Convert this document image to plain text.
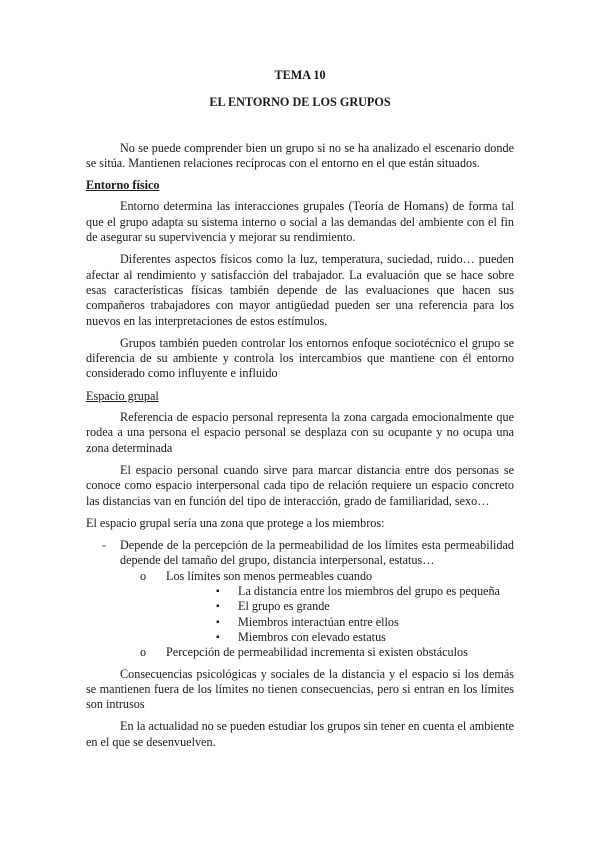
TEMA 10

EL ENTORNO DE LOS GRUPOS

No se puede comprender bien un grupo si no se ha analizado el escenario donde se sitúa. Mantienen relaciones recíprocas con el entorno en el que están situados.

Entorno físico

Entorno determina las interacciones grupales (Teoría de Homans) de forma tal que el grupo adapta su sistema interno o social a las demandas del ambiente con el fin de asegurar su supervivencia y mejorar su rendimiento.

Diferentes aspectos físicos como la luz, temperatura, suciedad, ruido… pueden afectar al rendimiento y satisfacción del trabajador. La evaluación que se hace sobre esas características físicas también depende de las evaluaciones que hacen sus compañeros trabajadores con mayor antigüedad pueden ser una referencia para los nuevos en las interpretaciones de estos estímulos.

Grupos también pueden controlar los entornos enfoque sociotécnico el grupo se diferencia de su ambiente y controla los intercambios que mantiene con él entorno considerado como influyente e influido

Espacio grupal

Referencia de espacio personal representa la zona cargada emocionalmente que rodea a una persona el espacio personal se desplaza con su ocupante y no ocupa una zona determinada

El espacio personal cuando sirve para marcar distancia entre dos personas se conoce como espacio interpersonal cada tipo de relación requiere un espacio concreto las distancias van en función del tipo de interacción, grado de familiaridad, sexo…

El espacio grupal sería una zona que protege a los miembros:

- Depende de la percepción de la permeabilidad de los límites esta permeabilidad depende del tamaño del grupo, distancia interpersonal, estatus…
o Los límites son menos permeables cuando
▪ La distancia entre los miembros del grupo es pequeña
▪ El grupo es grande
▪ Miembros interactúan entre ellos
▪ Miembros con elevado estatus
o Percepción de permeabilidad incrementa si existen obstáculos

Consecuencias psicológicas y sociales de la distancia y el espacio si los demás se mantienen fuera de los límites no tienen consecuencias, pero si entran en los límites son intrusos

En la actualidad no se pueden estudiar los grupos sin tener en cuenta el ambiente en el que se desenvuelven.
